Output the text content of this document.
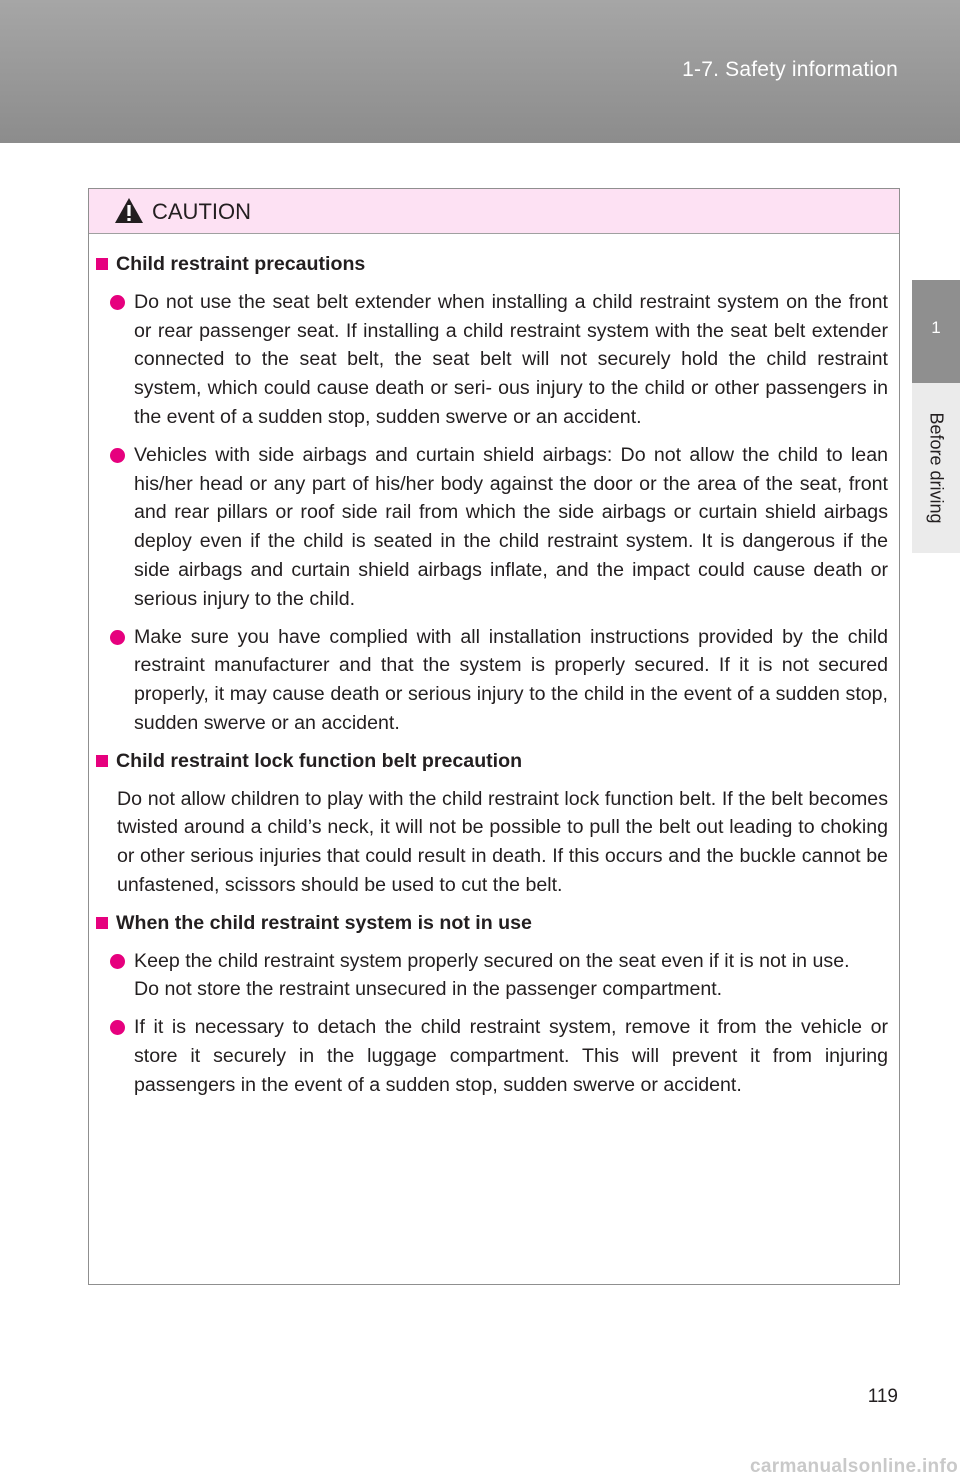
1-7. Safety information
1
Before driving
CAUTION
Child restraint precautions
Do not use the seat belt extender when installing a child restraint system on the front or rear passenger seat. If installing a child restraint system with the seat belt extender connected to the seat belt, the seat belt will not securely hold the child restraint system, which could cause death or seri- ous injury to the child or other passengers in the event of a sudden stop, sudden swerve or an accident.
Vehicles with side airbags and curtain shield airbags: Do not allow the child to lean his/her head or any part of his/her body against the door or the area of the seat, front and rear pillars or roof side rail from which the side airbags or curtain shield airbags deploy even if the child is seated in the child restraint system. It is dangerous if the side airbags and curtain shield airbags inflate, and the impact could cause death or serious injury to the child.
Make sure you have complied with all installation instructions provided by the child restraint manufacturer and that the system is properly secured. If it is not secured properly, it may cause death or serious injury to the child in the event of a sudden stop, sudden swerve or an accident.
Child restraint lock function belt precaution
Do not allow children to play with the child restraint lock function belt. If the belt becomes twisted around a child’s neck, it will not be possible to pull the belt out leading to choking or other serious injuries that could result in death. If this occurs and the buckle cannot be unfastened, scissors should be used to cut the belt.
When the child restraint system is not in use
Keep the child restraint system properly secured on the seat even if it is not in use.
Do not store the restraint unsecured in the passenger compartment.
If it is necessary to detach the child restraint system, remove it from the vehicle or store it securely in the luggage compartment. This will prevent it from injuring passengers in the event of a sudden stop, sudden swerve or accident.
119
carmanualsonline.info
